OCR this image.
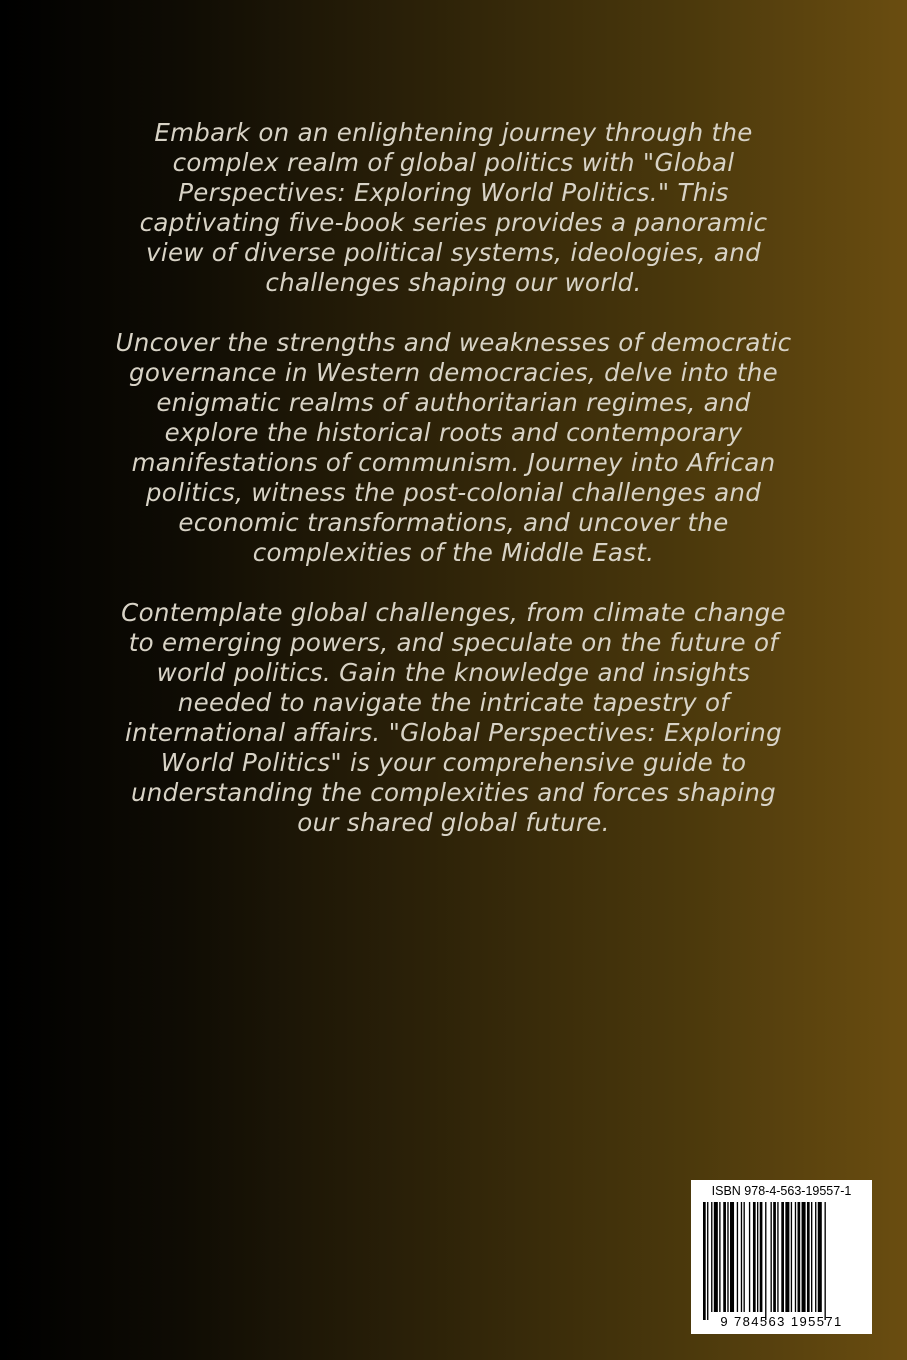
Embark on an enlightening journey through the complex realm of global politics with "Global Perspectives: Exploring World Politics." This captivating five-book series provides a panoramic view of diverse political systems, ideologies, and challenges shaping our world.

Uncover the strengths and weaknesses of democratic governance in Western democracies, delve into the enigmatic realms of authoritarian regimes, and explore the historical roots and contemporary manifestations of communism. Journey into African politics, witness the post-colonial challenges and economic transformations, and uncover the complexities of the Middle East.

Contemplate global challenges, from climate change to emerging powers, and speculate on the future of world politics. Gain the knowledge and insights needed to navigate the intricate tapestry of international affairs. "Global Perspectives: Exploring World Politics" is your comprehensive guide to understanding the complexities and forces shaping our shared global future.

ISBN 978-4-563-19557-1
9 784563 195571
